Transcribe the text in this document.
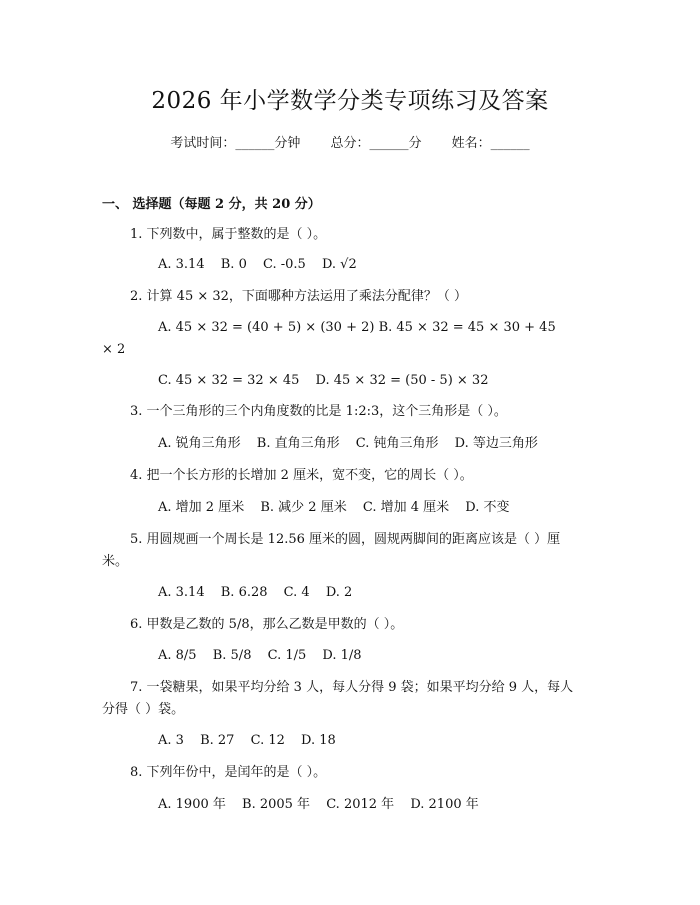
2026 年小学数学分类专项练习及答案
考试时间：______分钟 总分：______分 姓名：______
一、 选择题（每题 2 分，共 20 分）
1. 下列数中，属于整数的是（ ）。
A. 3.14 B. 0 C. -0.5 D. √2
2. 计算 45 × 32，下面哪种方法运用了乘法分配律？（ ）
A. 45 × 32 = (40 + 5) × (30 + 2) B. 45 × 32 = 45 × 30 + 45
× 2
C. 45 × 32 = 32 × 45 D. 45 × 32 = (50 - 5) × 32
3. 一个三角形的三个内角度数的比是 1:2:3，这个三角形是（ ）。
A. 锐角三角形 B. 直角三角形 C. 钝角三角形 D. 等边三角形
4. 把一个长方形的长增加 2 厘米，宽不变，它的周长（ ）。
A. 增加 2 厘米 B. 减少 2 厘米 C. 增加 4 厘米 D. 不变
5. 用圆规画一个周长是 12.56 厘米的圆，圆规两脚间的距离应该是（ ）厘
米。
A. 3.14 B. 6.28 C. 4 D. 2
6. 甲数是乙数的 5/8，那么乙数是甲数的（ ）。
A. 8/5 B. 5/8 C. 1/5 D. 1/8
7. 一袋糖果，如果平均分给 3 人，每人分得 9 袋；如果平均分给 9 人，每人
分得（ ）袋。
A. 3 B. 27 C. 12 D. 18
8. 下列年份中，是闰年的是（ ）。
A. 1900 年 B. 2005 年 C. 2012 年 D. 2100 年
